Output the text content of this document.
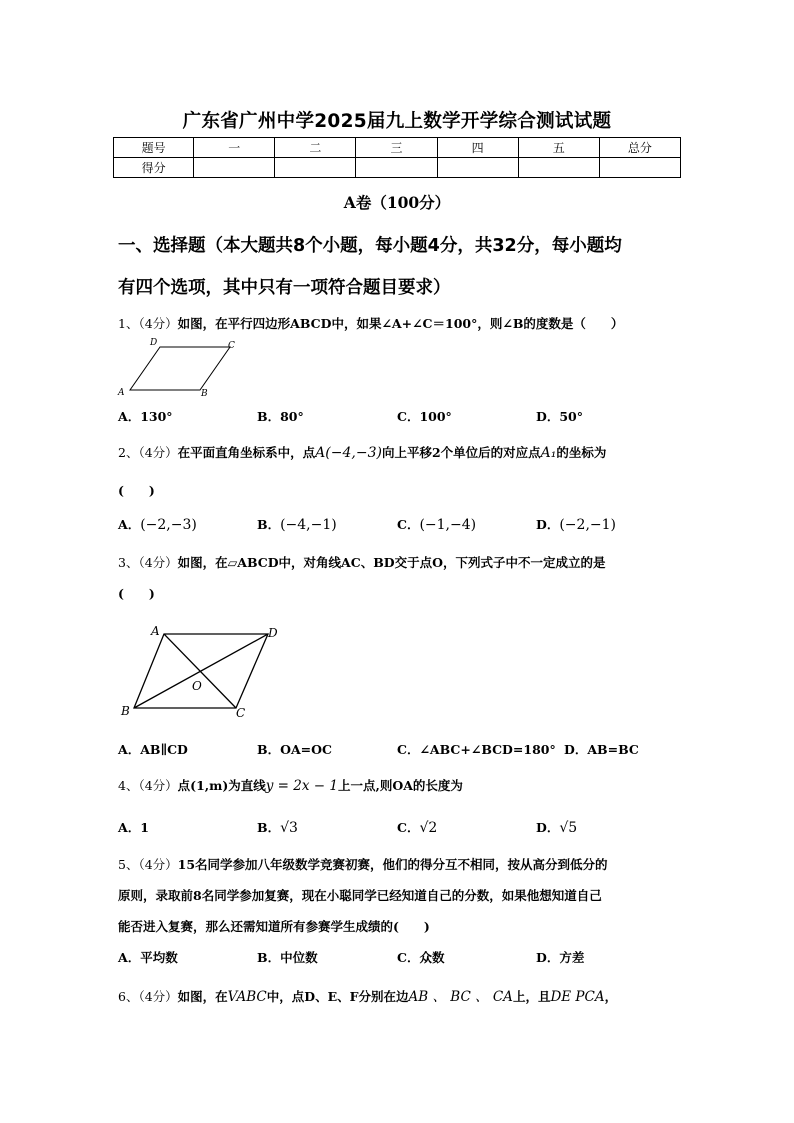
广东省广州中学2025届九上数学开学综合测试试题
题号	一	二	三	四	五	总分
得分						
A卷（100分）
一、选择题（本大题共8个小题，每小题4分，共32分，每小题均
有四个选项，其中只有一项符合题目要求）
1、（4分）如图，在平行四边形ABCD中，如果∠A+∠C＝100°，则∠B的度数是（　　）
A	B
C
D
A．130°	B．80°	C．100°	D．50°
2、（4分）在平面直角坐标系中，点A(−4,−3)向上平移2个单位后的对应点A₁的坐标为
(　　)
A．(−2,−3)	B．(−4,−1)	C．(−1,−4)	D．(−2,−1)
3、（4分）如图，在▱ABCD中，对角线AC、BD交于点O，下列式子中不一定成立的是
(　　)
A
B	C
D
O
A．AB∥CD	B．OA=OC	C．∠ABC+∠BCD=180° D．AB=BC
4、（4分）点(1,m)为直线y = 2x − 1上一点,则OA的长度为
A．1	B．√3	C．√2	D．√5
5、（4分）15名同学参加八年级数学竞赛初赛，他们的得分互不相同，按从高分到低分的
原则，录取前8名同学参加复赛，现在小聪同学已经知道自己的分数，如果他想知道自己
能否进入复赛，那么还需知道所有参赛学生成绩的(　　)
A．平均数	B．中位数	C．众数	D．方差
6、（4分）如图，在VABC中，点D、E、F分别在边AB 、 BC 、 CA上，且DE PCA，
